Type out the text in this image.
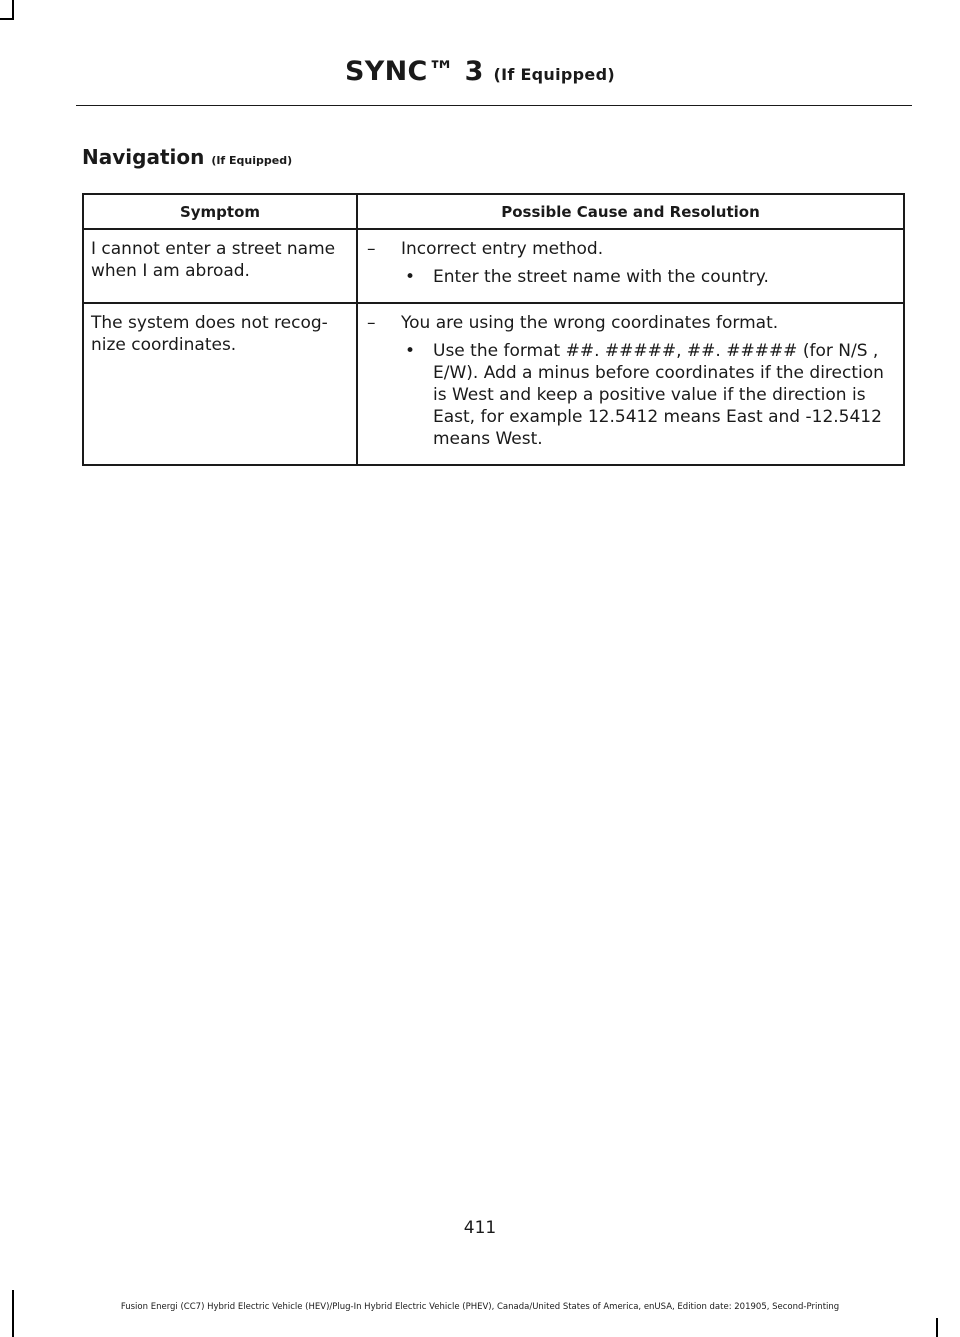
SYNC™ 3 (If Equipped)
Navigation (If Equipped)
Symptom	Possible Cause and Resolution
I cannot enter a street name when I am abroad.	– Incorrect entry method.
• Enter the street name with the country.

The system does not recog-nize coordinates.	– You are using the wrong coordinates format.
• Use the format ##. #####, ##. ##### (for N/S , E/W). Add a minus before coordinates if the direction is West and keep a positive value if the direction is East, for example 12.5412 means East and -12.5412 means West.
411
Fusion Energi (CC7) Hybrid Electric Vehicle (HEV)/Plug-In Hybrid Electric Vehicle (PHEV), Canada/United States of America, enUSA, Edition date: 201905, Second-Printing
